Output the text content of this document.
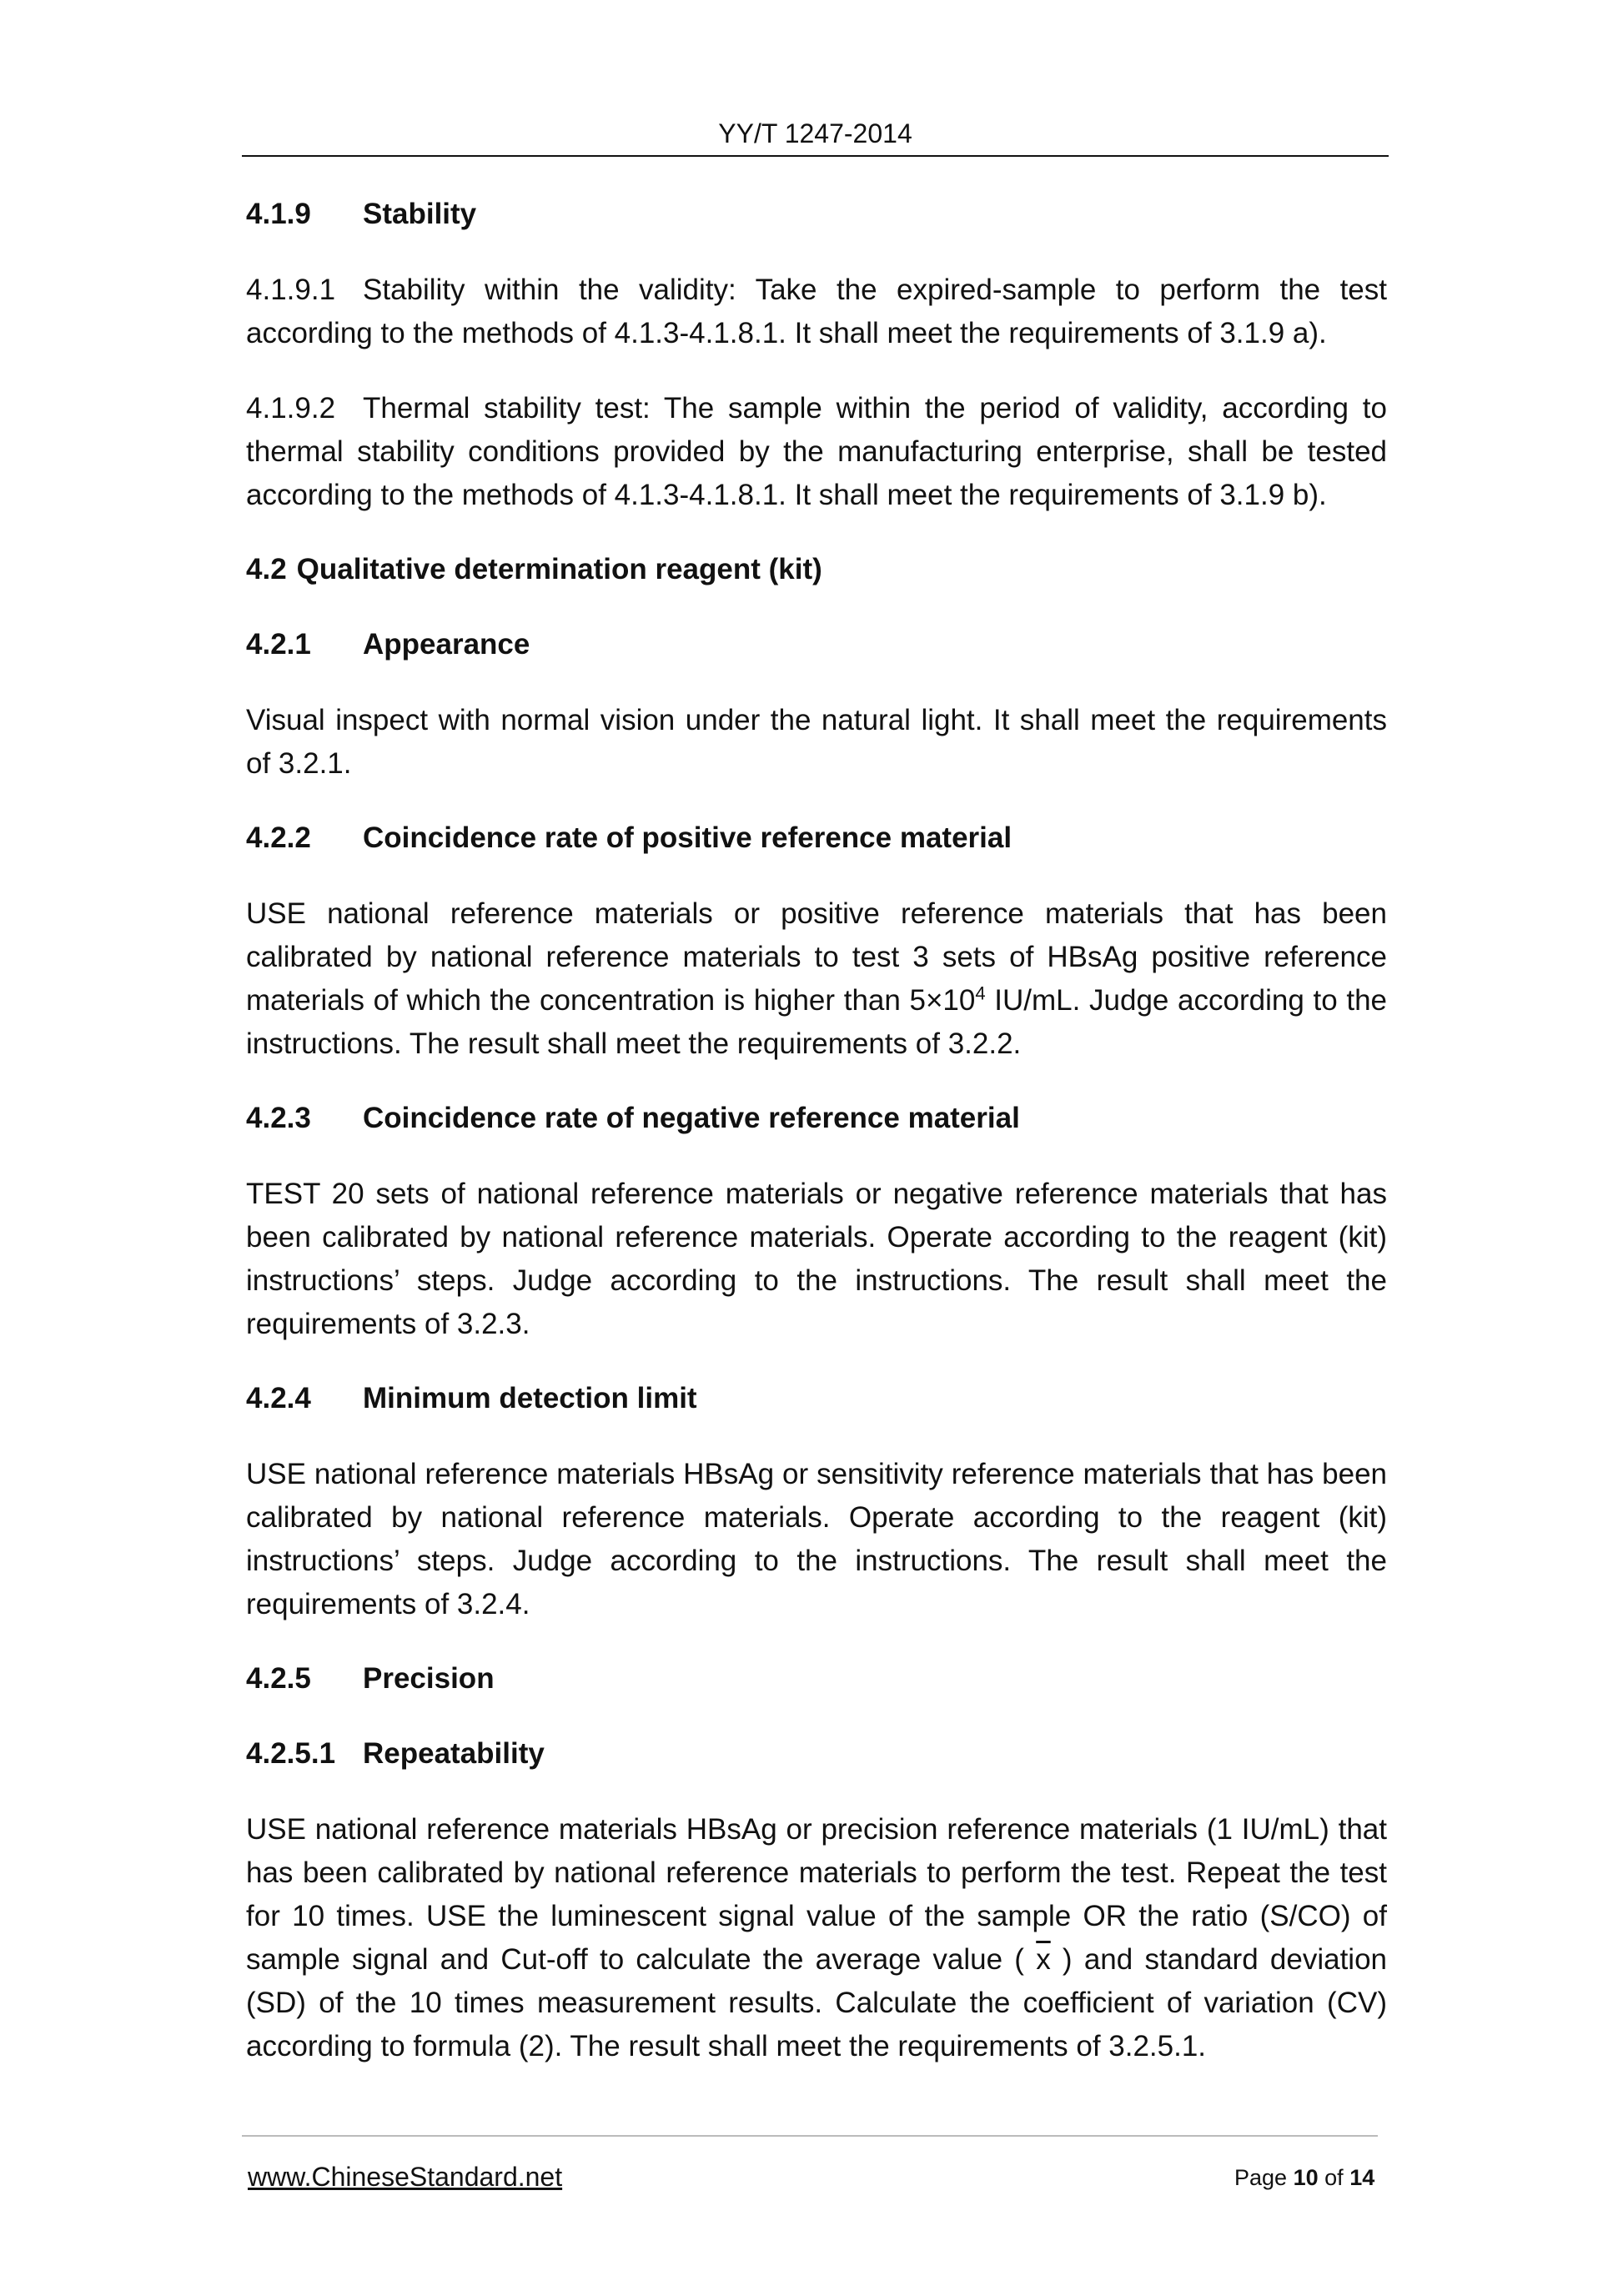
YY/T 1247-2014
4.1.9 Stability

4.1.9.1 Stability within the validity: Take the expired-sample to perform the test according to the methods of 4.1.3-4.1.8.1. It shall meet the requirements of 3.1.9 a).

4.1.9.2 Thermal stability test: The sample within the period of validity, according to thermal stability conditions provided by the manufacturing enterprise, shall be tested according to the methods of 4.1.3-4.1.8.1. It shall meet the requirements of 3.1.9 b).

4.2 Qualitative determination reagent (kit)
4.2.1 Appearance

Visual inspect with normal vision under the natural light. It shall meet the requirements of 3.2.1.

4.2.2 Coincidence rate of positive reference material

USE national reference materials or positive reference materials that has been calibrated by national reference materials to test 3 sets of HBsAg positive reference materials of which the concentration is higher than $5\times 10^4$ IU/mL. Judge according to the instructions. The result shall meet the requirements of 3.2.2.

4.2.3 Coincidence rate of negative reference material

TEST 20 sets of national reference materials or negative reference materials that has been calibrated by national reference materials. Operate according to the reagent (kit) instructions’ steps. Judge according to the instructions. The result shall meet the requirements of 3.2.3.

4.2.4 Minimum detection limit

USE national reference materials HBsAg or sensitivity reference materials that has been calibrated by national reference materials. Operate according to the reagent (kit) instructions’ steps. Judge according to the instructions. The result shall meet the requirements of 3.2.4.

4.2.5 Precision
4.2.5.1 Repeatability

USE national reference materials HBsAg or precision reference materials (1 IU/mL) that has been calibrated by national reference materials to perform the test. Repeat the test for 10 times. USE the luminescent signal value of the sample OR the ratio (S/CO) of sample signal and Cut-off to calculate the average value ( $\overline{x}$ ) and standard deviation (SD) of the 10 times measurement results. Calculate the coefficient of variation (CV) according to formula (2). The result shall meet the requirements of 3.2.5.1.

www.ChineseStandard.net	Page 10 of 14
